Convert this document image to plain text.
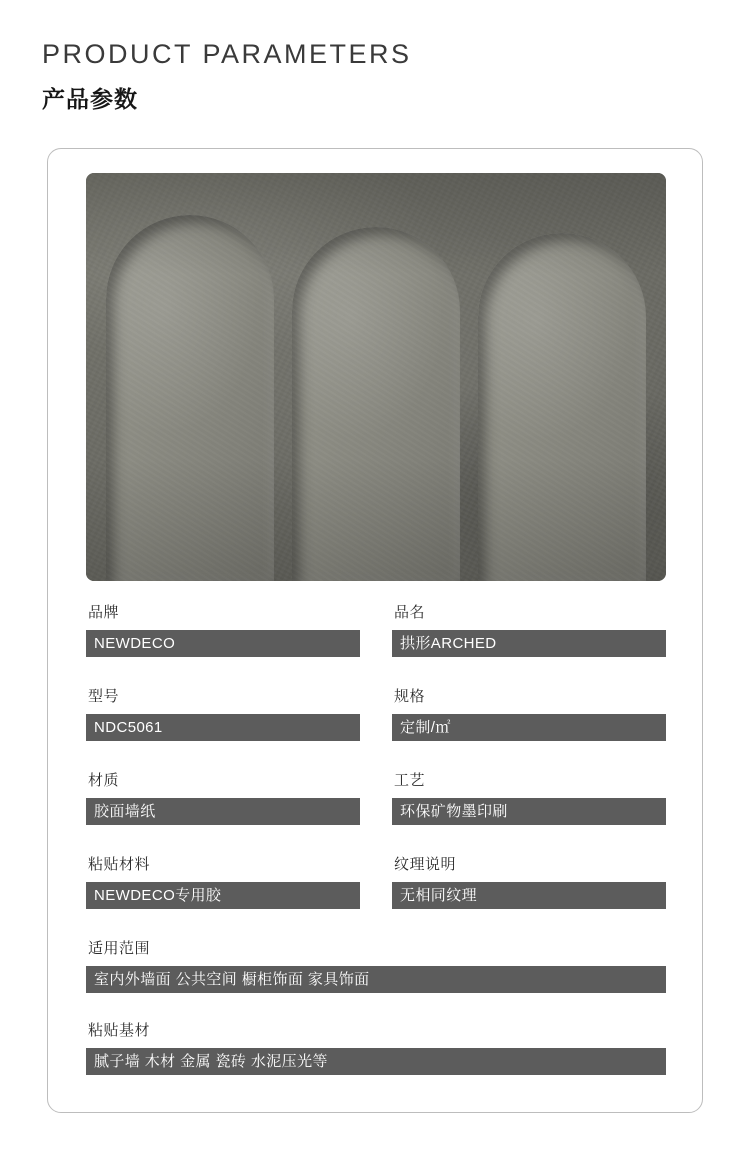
PRODUCT PARAMETERS
产品参数
品牌
NEWDECO
品名
拱形ARCHED
型号
NDC5061
规格
定制/㎡
材质
胶面墙纸
工艺
环保矿物墨印刷
粘贴材料
NEWDECO专用胶
纹理说明
无相同纹理
适用范围
室内外墙面 公共空间 橱柜饰面 家具饰面
粘贴基材
腻子墙 木材 金属 瓷砖 水泥压光等
